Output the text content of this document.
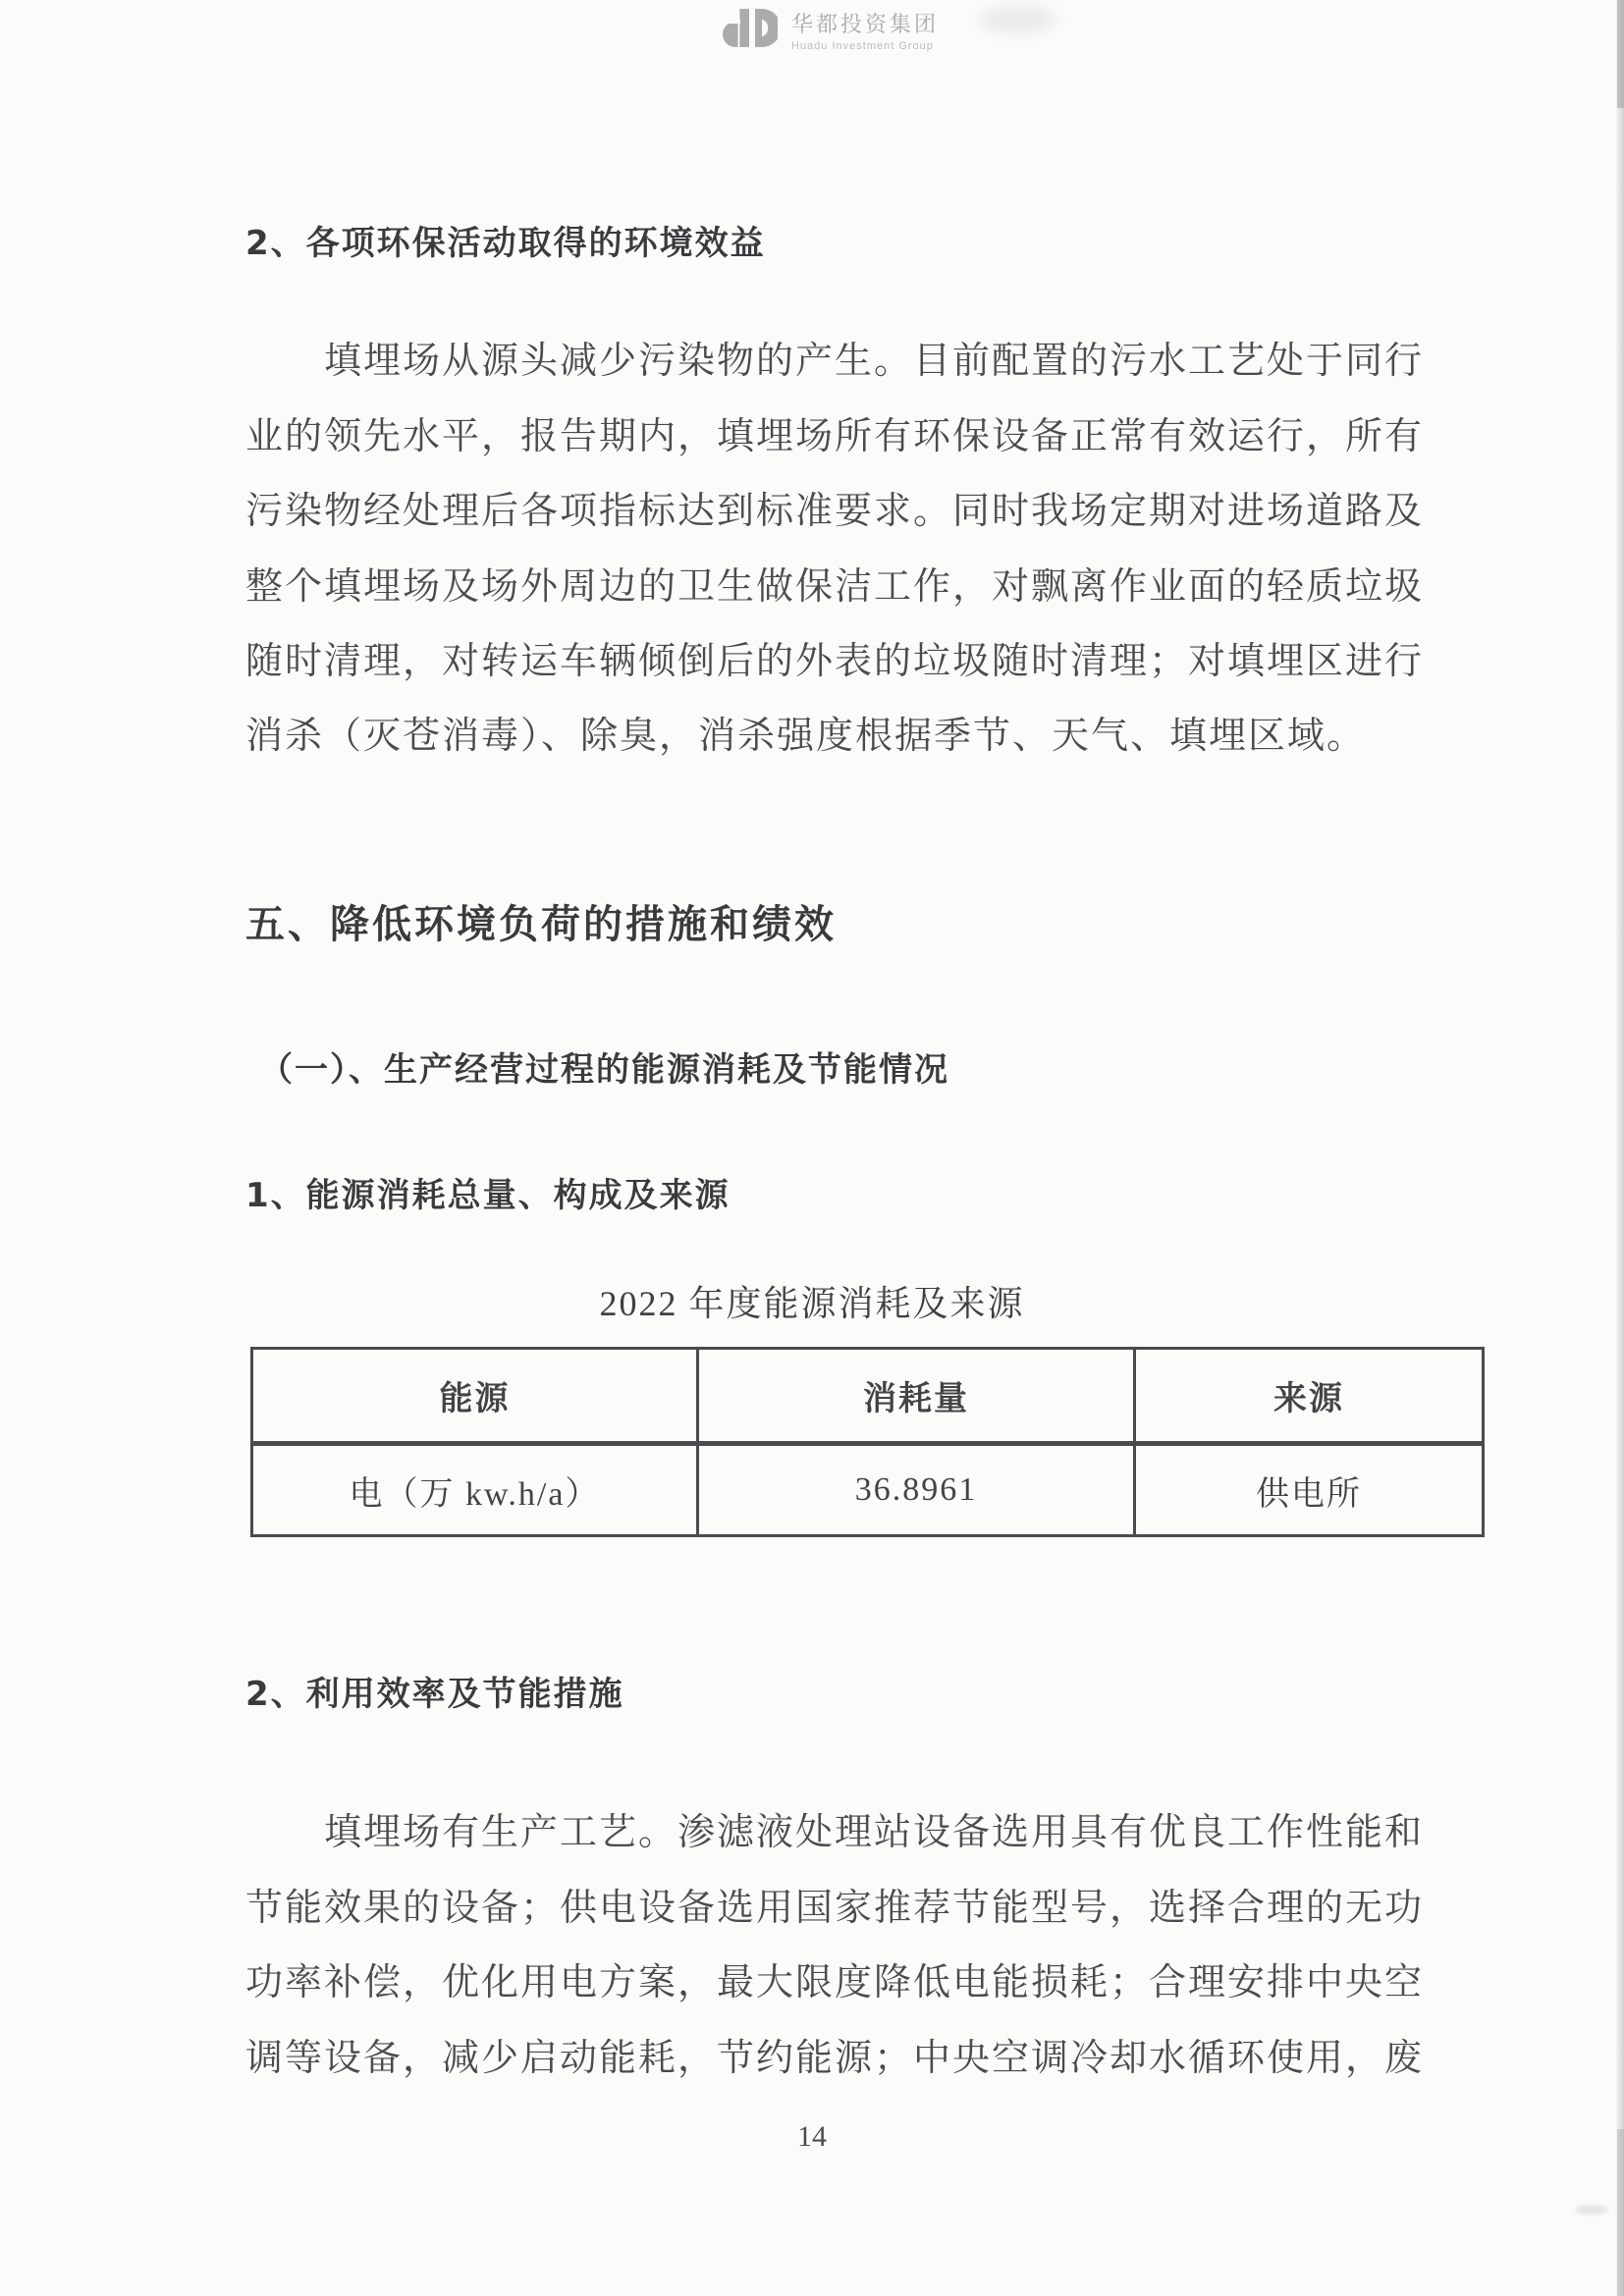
华都投资集团
Huadu Investment Group
2、各项环保活动取得的环境效益
填埋场从源头减少污染物的产生。目前配置的污水工艺处于同行
业的领先水平，报告期内，填埋场所有环保设备正常有效运行，所有
污染物经处理后各项指标达到标准要求。同时我场定期对进场道路及
整个填埋场及场外周边的卫生做保洁工作，对飘离作业面的轻质垃圾
随时清理，对转运车辆倾倒后的外表的垃圾随时清理；对填埋区进行
消杀（灭苍消毒）、除臭，消杀强度根据季节、天气、填埋区域。
五、降低环境负荷的措施和绩效
（一）、生产经营过程的能源消耗及节能情况
1、能源消耗总量、构成及来源
2022 年度能源消耗及来源
能源	消耗量	来源
电（万 kw.h/a）	36.8961	供电所
2、利用效率及节能措施
填埋场有生产工艺。渗滤液处理站设备选用具有优良工作性能和
节能效果的设备；供电设备选用国家推荐节能型号，选择合理的无功
功率补偿，优化用电方案，最大限度降低电能损耗；合理安排中央空
调等设备，减少启动能耗，节约能源；中央空调冷却水循环使用，废
14
